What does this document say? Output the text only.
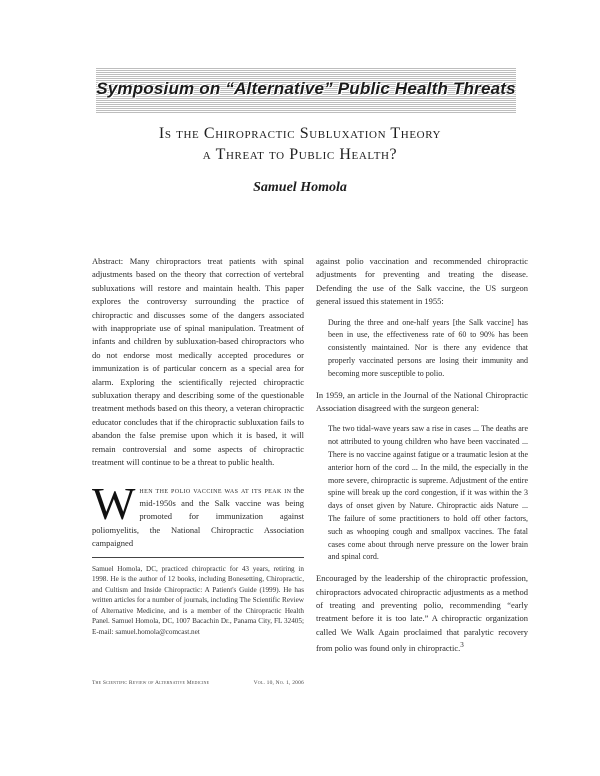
Symposium on “Alternative” Public Health Threats
Is the Chiropractic Subluxation Theory
a Threat to Public Health?
Samuel Homola

Abstract: Many chiropractors treat patients with spinal adjustments based on the theory that correction of vertebral subluxations will restore and maintain health. This paper explores the controversy surrounding the practice of chiropractic and discusses some of the dangers associated with inappropriate use of spinal manipulation. Treatment of infants and children by subluxation-based chiropractors who do not endorse most medically accepted procedures or immunization is of particular concern as a special area for alarm. Exploring the scientifically rejected chiropractic subluxation therapy and describing some of the questionable treatment methods based on this theory, a veteran chiropractic educator concludes that if the chiropractic subluxation fails to abandon the false premise upon which it is based, it will remain controversial and some aspects of chiropractic treatment will continue to be a threat to public health.

W hen the polio vaccine was at its peak in the mid-1950s and the Salk vaccine was being promoted for immunization against poliomyelitis, the National Chiropractic Association campaigned

Samuel Homola, DC, practiced chiropractic for 43 years, retiring in 1998. He is the author of 12 books, including Bonesetting, Chiropractic, and Cultism and Inside Chiropractic: A Patient's Guide (1999). He has written articles for a number of journals, including The Scientific Review of Alternative Medicine, and is a member of the Chiropractic Health Panel. Samuel Homola, DC, 1007 Bacachin Dr., Panama City, FL 32405; E-mail: samuel.homola@comcast.net

The Scientific Review of Alternative Medicine	Vol. 10, No. 1, 2006

against polio vaccination and recommended chiropractic adjustments for preventing and treating the disease. Defending the use of the Salk vaccine, the US surgeon general issued this statement in 1955:

During the three and one-half years [the Salk vaccine] has been in use, the effectiveness rate of 60 to 90% has been consistently maintained. Nor is there any evidence that properly vaccinated persons are losing their immunity and becoming more susceptible to polio.

In 1959, an article in the Journal of the National Chiropractic Association disagreed with the surgeon general:

The two tidal-wave years saw a rise in cases ... The deaths are not attributed to young children who have been vaccinated ... There is no vaccine against fatigue or a traumatic lesion at the anterior horn of the cord ... In the mild, the especially in the more severe, chiropractic is supreme. Adjustment of the entire spine will break up the cord congestion, if it was within the 3 days of onset given by Nature. Chiropractic aids Nature ... The failure of some practitioners to hold off other factors, such as whooping cough and smallpox vaccines. The fatal cases come about through nerve pressure on the lower brain and spinal cord.

Encouraged by the leadership of the chiropractic profession, chiropractors advocated chiropractic adjustments as a method of treating and preventing polio, recommending “early treatment before it is too late.” A chiropractic organization called We Walk Again proclaimed that paralytic recovery from polio was found only in chiropractic.$^3$
